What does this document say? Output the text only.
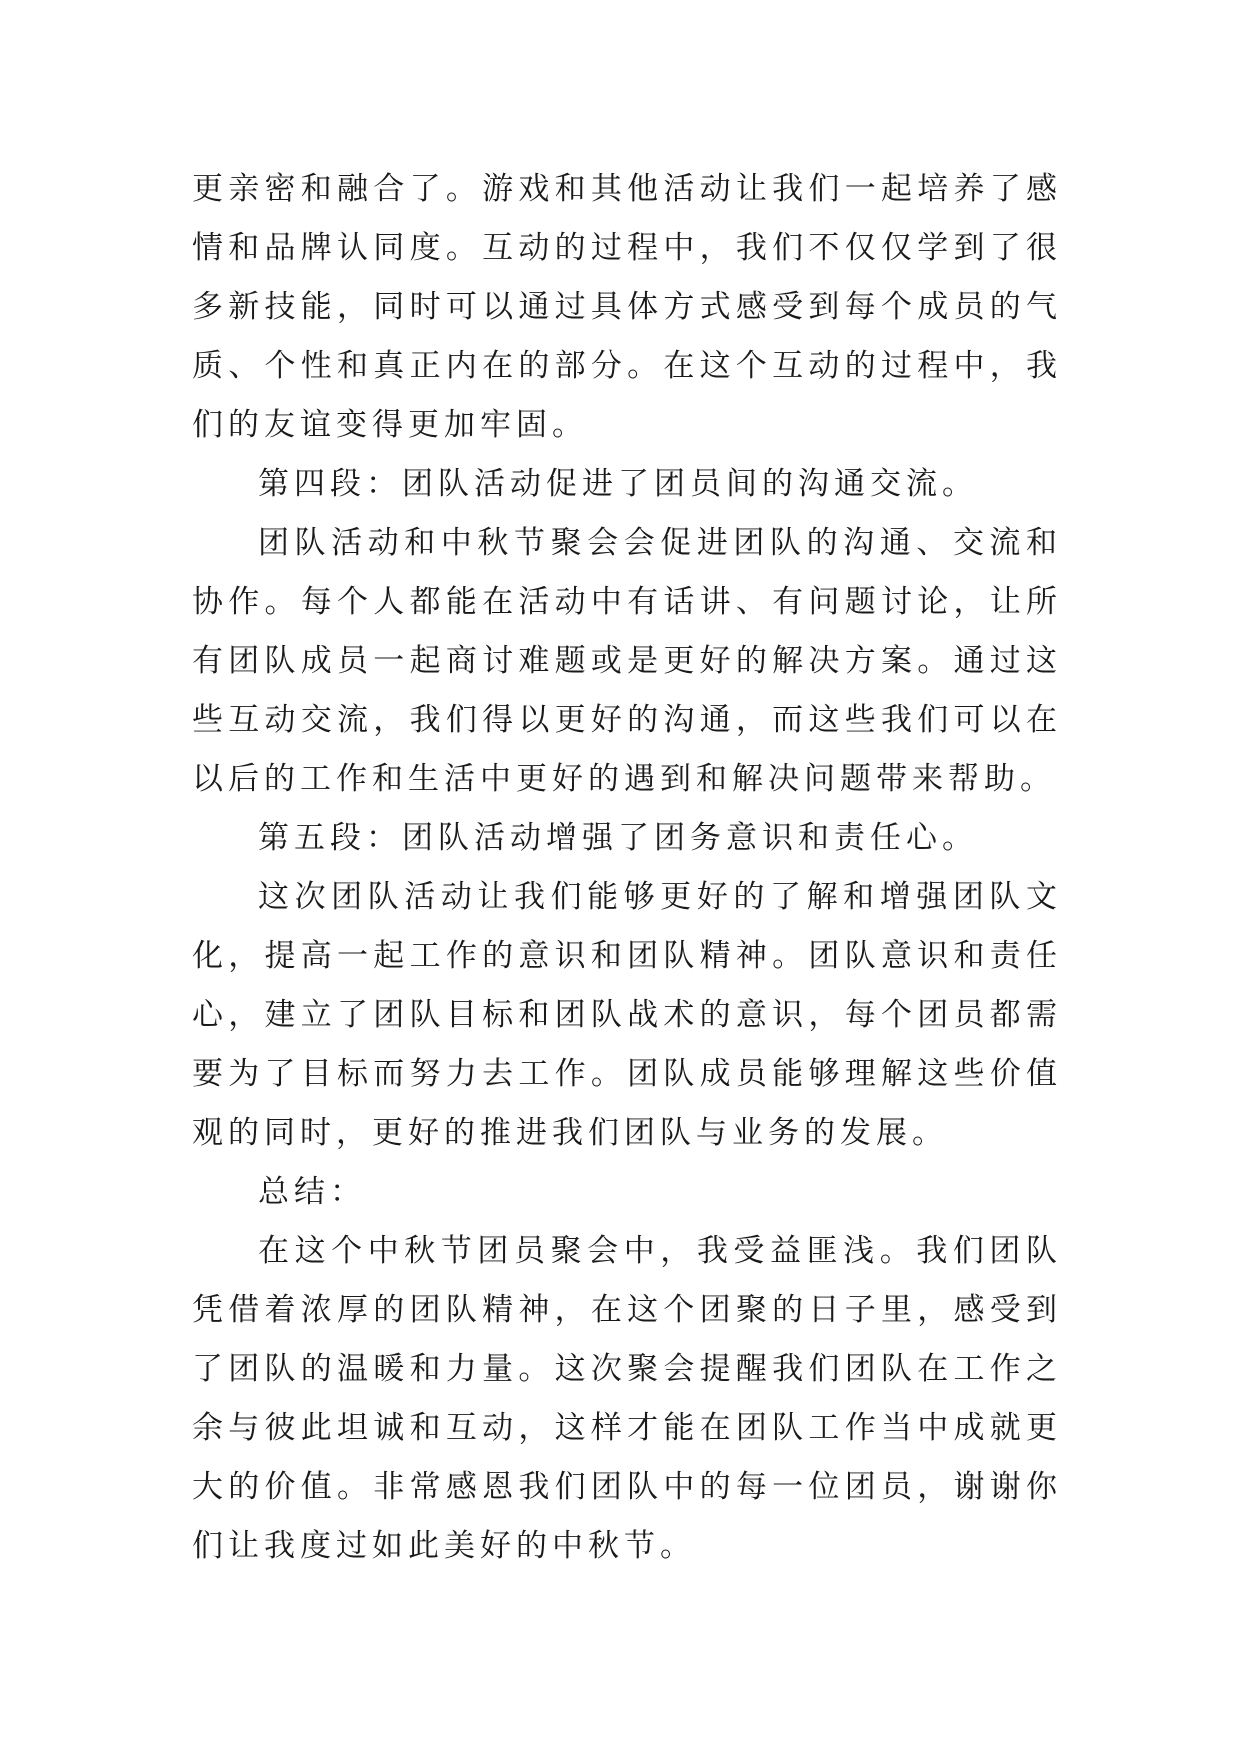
更亲密和融合了。游戏和其他活动让我们一起培养了感情和品牌认同度。互动的过程中，我们不仅仅学到了很多新技能，同时可以通过具体方式感受到每个成员的气质、个性和真正内在的部分。在这个互动的过程中，我们的友谊变得更加牢固。

第四段：团队活动促进了团员间的沟通交流。

团队活动和中秋节聚会会促进团队的沟通、交流和协作。每个人都能在活动中有话讲、有问题讨论，让所有团队成员一起商讨难题或是更好的解决方案。通过这些互动交流，我们得以更好的沟通，而这些我们可以在以后的工作和生活中更好的遇到和解决问题带来帮助。

第五段：团队活动增强了团务意识和责任心。

这次团队活动让我们能够更好的了解和增强团队文化，提高一起工作的意识和团队精神。团队意识和责任心，建立了团队目标和团队战术的意识，每个团员都需要为了目标而努力去工作。团队成员能够理解这些价值观的同时，更好的推进我们团队与业务的发展。

总结：

在这个中秋节团员聚会中，我受益匪浅。我们团队凭借着浓厚的团队精神，在这个团聚的日子里，感受到了团队的温暖和力量。这次聚会提醒我们团队在工作之余与彼此坦诚和互动，这样才能在团队工作当中成就更大的价值。非常感恩我们团队中的每一位团员，谢谢你们让我度过如此美好的中秋节。
